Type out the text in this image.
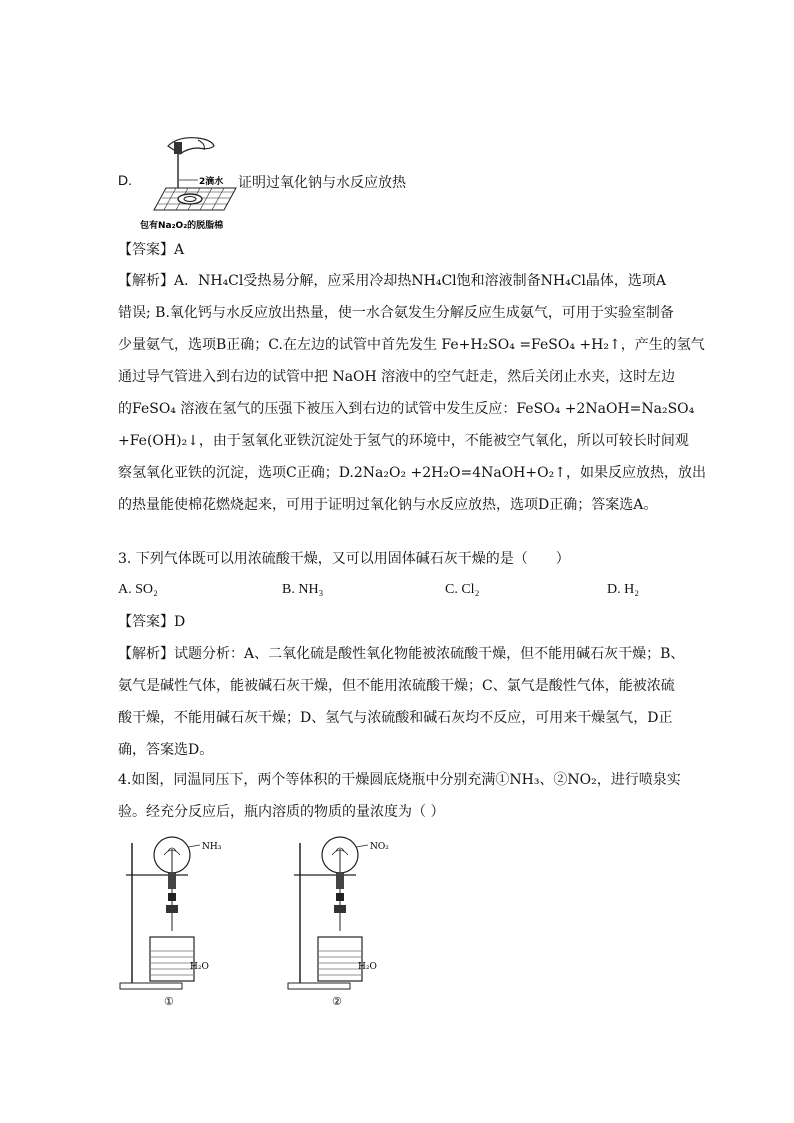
D.	2滴水
包有Na₂O₂的脱脂棉
证明过氧化钠与水反应放热
【答案】A
【解析】A．NH₄Cl受热易分解，应采用冷却热NH₄Cl饱和溶液制备NH₄Cl晶体，选项A
错误; B.氧化钙与水反应放出热量，使一水合氨发生分解反应生成氨气，可用于实验室制备
少量氨气，选项B正确；C.在左边的试管中首先发生 Fe+H₂SO₄ =FeSO₄ +H₂↑，产生的氢气
通过导气管进入到右边的试管中把 NaOH 溶液中的空气赶走，然后关闭止水夹，这时左边
的FeSO₄ 溶液在氢气的压强下被压入到右边的试管中发生反应：FeSO₄ +2NaOH=Na₂SO₄
+Fe(OH)₂↓，由于氢氧化亚铁沉淀处于氢气的环境中，不能被空气氧化，所以可较长时间观
察氢氧化亚铁的沉淀，选项C正确；D.2Na₂O₂ +2H₂O=4NaOH+O₂↑，如果反应放热，放出
的热量能使棉花燃烧起来，可用于证明过氧化钠与水反应放热，选项D正确；答案选A。
3. 下列气体既可以用浓硫酸干燥，又可以用固体碱石灰干燥的是（　　）
A. SO₂	B. NH₃	C. Cl₂	D. H₂
【答案】D
【解析】试题分析：A、二氧化硫是酸性氧化物能被浓硫酸干燥，但不能用碱石灰干燥；B、
氨气是碱性气体，能被碱石灰干燥，但不能用浓硫酸干燥；C、氯气是酸性气体，能被浓硫
酸干燥，不能用碱石灰干燥；D、氢气与浓硫酸和碱石灰均不反应，可用来干燥氢气，D正
确，答案选D。
4.如图，同温同压下，两个等体积的干燥圆底烧瓶中分别充满①NH₃、②NO₂，进行喷泉实
验。经充分反应后，瓶内溶质的物质的量浓度为（ ）
NH₃
H₂O
①
NO₂
H₂O
②
